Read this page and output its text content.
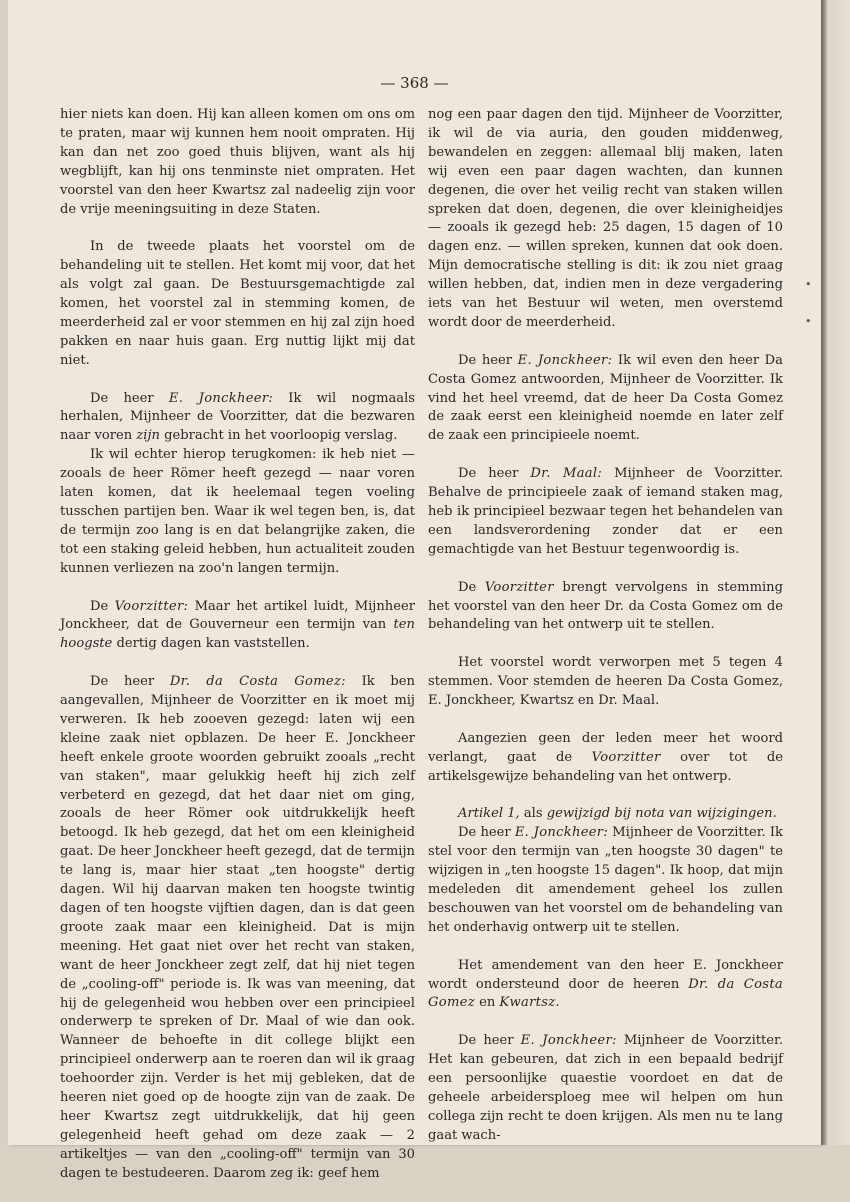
— 368 —

hier niets kan doen. Hij kan alleen komen om ons om te praten, maar wij kunnen hem nooit ompraten. Hij kan dan net zoo goed thuis blijven, want als hij wegblijft, kan hij ons tenminste niet ompraten. Het voorstel van den heer Kwartsz zal nadeelig zijn voor de vrije meeningsuiting in deze Staten.

In de tweede plaats het voorstel om de behandeling uit te stellen. Het komt mij voor, dat het als volgt zal gaan. De Bestuursgemachtigde zal komen, het voorstel zal in stemming komen, de meerderheid zal er voor stemmen en hij zal zijn hoed pakken en naar huis gaan. Erg nuttig lijkt mij dat niet.

De heer E. Jonckheer: Ik wil nogmaals herhalen, Mijnheer de Voorzitter, dat die bezwaren naar voren zijn gebracht in het voorloopig verslag.

Ik wil echter hierop terugkomen: ik heb niet — zooals de heer Römer heeft gezegd — naar voren laten komen, dat ik heelemaal tegen voeling tusschen partijen ben. Waar ik wel tegen ben, is, dat de termijn zoo lang is en dat belangrijke zaken, die tot een staking geleid hebben, hun actualiteit zouden kunnen verliezen na zoo'n langen termijn.

De Voorzitter: Maar het artikel luidt, Mijnheer Jonckheer, dat de Gouverneur een termijn van ten hoogste dertig dagen kan vaststellen.

De heer Dr. da Costa Gomez: Ik ben aangevallen, Mijnheer de Voorzitter en ik moet mij verweren. Ik heb zooeven gezegd: laten wij een kleine zaak niet opblazen. De heer E. Jonckheer heeft enkele groote woorden gebruikt zooals „recht van staken", maar gelukkig heeft hij zich zelf verbeterd en gezegd, dat het daar niet om ging, zooals de heer Römer ook uitdrukkelijk heeft betoogd. Ik heb gezegd, dat het om een kleinigheid gaat. De heer Jonckheer heeft gezegd, dat de termijn te lang is, maar hier staat „ten hoogste" dertig dagen. Wil hij daarvan maken ten hoogste twintig dagen of ten hoogste vijftien dagen, dan is dat geen groote zaak maar een kleinigheid. Dat is mijn meening. Het gaat niet over het recht van staken, want de heer Jonckheer zegt zelf, dat hij niet tegen de „cooling-off" periode is. Ik was van meening, dat hij de gelegenheid wou hebben over een principieel onderwerp te spreken of Dr. Maal of wie dan ook. Wanneer de behoefte in dit college blijkt een principieel onderwerp aan te roeren dan wil ik graag toehoorder zijn. Verder is het mij gebleken, dat de heeren niet goed op de hoogte zijn van de zaak. De heer Kwartsz zegt uitdrukkelijk, dat hij geen gelegenheid heeft gehad om deze zaak — 2 artikeltjes — van den „cooling-off" termijn van 30 dagen te bestudeeren. Daarom zeg ik: geef hem

nog een paar dagen den tijd. Mijnheer de Voorzitter, ik wil de via auria, den gouden middenweg, bewandelen en zeggen: allemaal blij maken, laten wij even een paar dagen wachten, dan kunnen degenen, die over het veilig recht van staken willen spreken dat doen, degenen, die over kleinigheidjes — zooals ik gezegd heb: 25 dagen, 15 dagen of 10 dagen enz. — willen spreken, kunnen dat ook doen. Mijn democratische stelling is dit: ik zou niet graag willen hebben, dat, indien men in deze vergadering iets van het Bestuur wil weten, men overstemd wordt door de meerderheid.

De heer E. Jonckheer: Ik wil even den heer Da Costa Gomez antwoorden, Mijnheer de Voorzitter. Ik vind het heel vreemd, dat de heer Da Costa Gomez de zaak eerst een kleinigheid noemde en later zelf de zaak een principieele noemt.

De heer Dr. Maal: Mijnheer de Voorzitter. Behalve de principieele zaak of iemand staken mag, heb ik principieel bezwaar tegen het behandelen van een landsverordening zonder dat er een gemachtigde van het Bestuur tegenwoordig is.

De Voorzitter brengt vervolgens in stemming het voorstel van den heer Dr. da Costa Gomez om de behandeling van het ontwerp uit te stellen.

Het voorstel wordt verworpen met 5 tegen 4 stemmen. Voor stemden de heeren Da Costa Gomez, E. Jonckheer, Kwartsz en Dr. Maal.

Aangezien geen der leden meer het woord verlangt, gaat de Voorzitter over tot de artikelsgewijze behandeling van het ontwerp.

Artikel 1, als gewijzigd bij nota van wijzigingen.

De heer E. Jonckheer: Mijnheer de Voorzitter. Ik stel voor den termijn van „ten hoogste 30 dagen" te wijzigen in „ten hoogste 15 dagen". Ik hoop, dat mijn medeleden dit amendement geheel los zullen beschouwen van het voorstel om de behandeling van het onderhavig ontwerp uit te stellen.

Het amendement van den heer E. Jonckheer wordt ondersteund door de heeren Dr. da Costa Gomez en Kwartsz.

De heer E. Jonckheer: Mijnheer de Voorzitter. Het kan gebeuren, dat zich in een bepaald bedrijf een persoonlijke quaestie voordoet en dat de geheele arbeidersploeg mee wil helpen om hun collega zijn recht te doen krijgen. Als men nu te lang gaat wach-

•
•
